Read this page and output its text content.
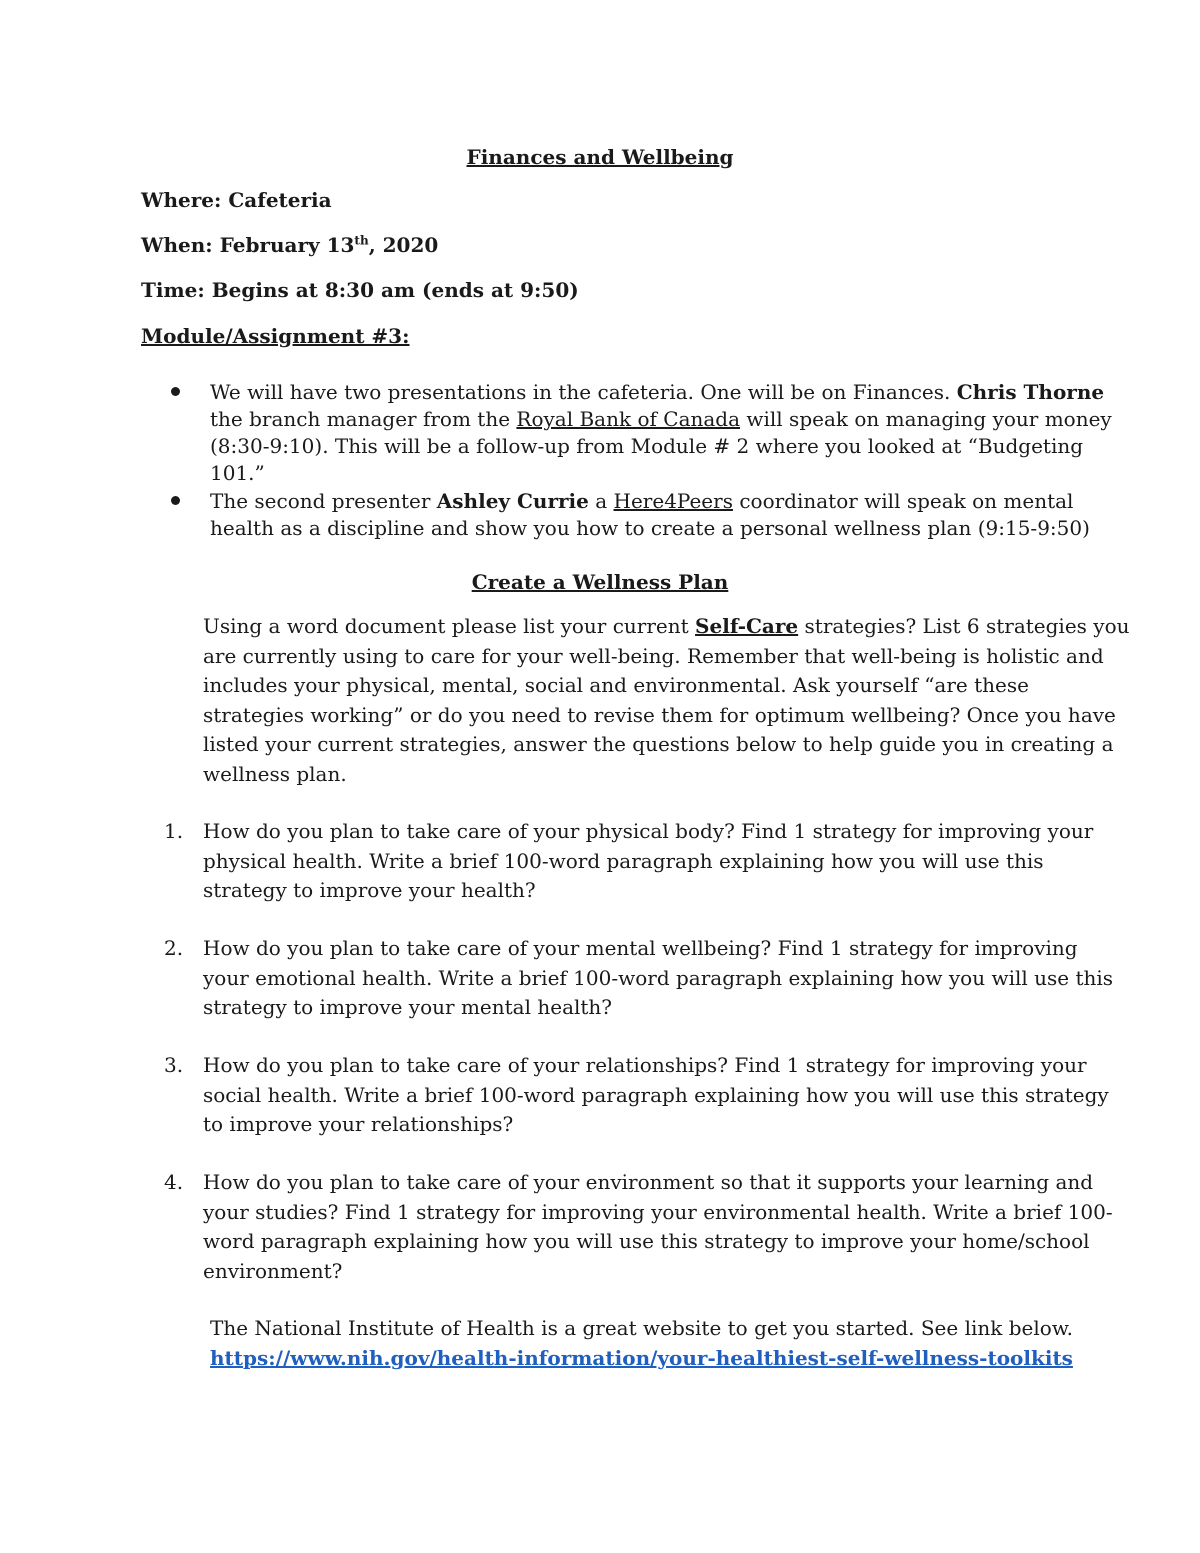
Finances and Wellbeing
Where: Cafeteria
When: February 13th, 2020
Time: Begins at 8:30 am (ends at 9:50)
Module/Assignment #3:
We will have two presentations in the cafeteria. One will be on Finances. Chris Thorne
the branch manager from the Royal Bank of Canada will speak on managing your money
(8:30-9:10). This will be a follow-up from Module # 2 where you looked at “Budgeting
101.”
The second presenter Ashley Currie a Here4Peers coordinator will speak on mental
health as a discipline and show you how to create a personal wellness plan (9:15-9:50)
Create a Wellness Plan
Using a word document please list your current Self-Care strategies? List 6 strategies you
are currently using to care for your well-being. Remember that well-being is holistic and
includes your physical, mental, social and environmental. Ask yourself “are these
strategies working” or do you need to revise them for optimum wellbeing? Once you have
listed your current strategies, answer the questions below to help guide you in creating a
wellness plan.
1. How do you plan to take care of your physical body? Find 1 strategy for improving your
physical health. Write a brief 100-word paragraph explaining how you will use this
strategy to improve your health?
2. How do you plan to take care of your mental wellbeing? Find 1 strategy for improving
your emotional health. Write a brief 100-word paragraph explaining how you will use this
strategy to improve your mental health?
3. How do you plan to take care of your relationships? Find 1 strategy for improving your
social health. Write a brief 100-word paragraph explaining how you will use this strategy
to improve your relationships?
4. How do you plan to take care of your environment so that it supports your learning and
your studies? Find 1 strategy for improving your environmental health. Write a brief 100-
word paragraph explaining how you will use this strategy to improve your home/school
environment?
The National Institute of Health is a great website to get you started. See link below.
https://www.nih.gov/health-information/your-healthiest-self-wellness-toolkits
